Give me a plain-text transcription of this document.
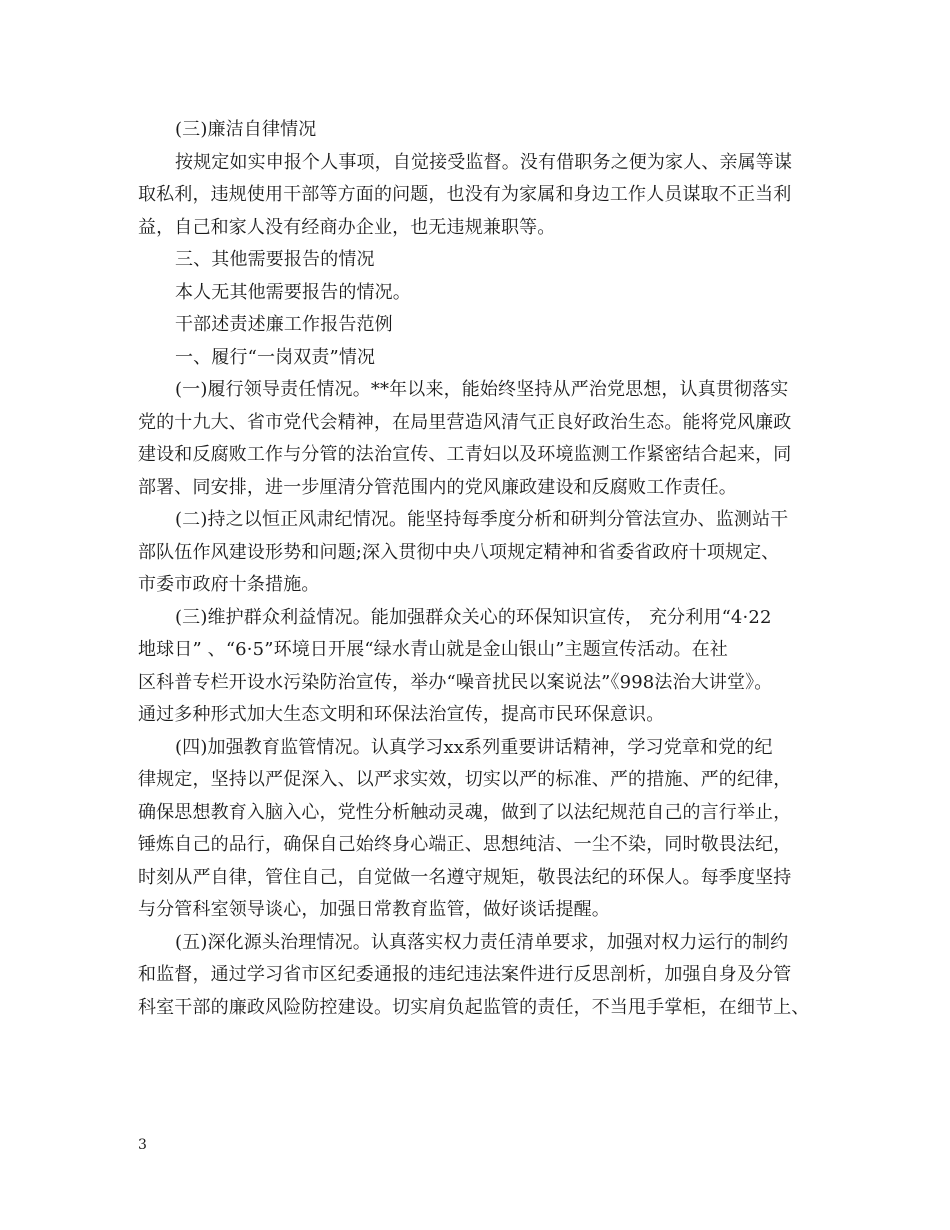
(三)廉洁自律情况
按规定如实申报个人事项，自觉接受监督。没有借职务之便为家人、亲属等谋
取私利，违规使用干部等方面的问题，也没有为家属和身边工作人员谋取不正当利
益，自己和家人没有经商办企业，也无违规兼职等。
三、其他需要报告的情况
本人无其他需要报告的情况。
干部述责述廉工作报告范例
一、履行“一岗双责”情况
(一)履行领导责任情况。**年以来，能始终坚持从严治党思想，认真贯彻落实
党的十九大、省市党代会精神，在局里营造风清气正良好政治生态。能将党风廉政
建设和反腐败工作与分管的法治宣传、工青妇以及环境监测工作紧密结合起来，同
部署、同安排，进一步厘清分管范围内的党风廉政建设和反腐败工作责任。
(二)持之以恒正风肃纪情况。能坚持每季度分析和研判分管法宣办、监测站干
部队伍作风建设形势和问题;深入贯彻中央八项规定精神和省委省政府十项规定、
市委市政府十条措施。
(三)维护群众利益情况。能加强群众关心的环保知识宣传， 充分利用“4·22
地球日” 、“6·5”环境日开展“绿水青山就是金山银山”主题宣传活动。在社
区科普专栏开设水污染防治宣传，举办“噪音扰民以案说法”《998法治大讲堂》。
通过多种形式加大生态文明和环保法治宣传，提高市民环保意识。
(四)加强教育监管情况。认真学习xx系列重要讲话精神，学习党章和党的纪
律规定，坚持以严促深入、以严求实效，切实以严的标准、严的措施、严的纪律，
确保思想教育入脑入心，党性分析触动灵魂，做到了以法纪规范自己的言行举止，
锤炼自己的品行，确保自己始终身心端正、思想纯洁、一尘不染，同时敬畏法纪，
时刻从严自律，管住自己，自觉做一名遵守规矩，敬畏法纪的环保人。每季度坚持
与分管科室领导谈心，加强日常教育监管，做好谈话提醒。
(五)深化源头治理情况。认真落实权力责任清单要求，加强对权力运行的制约
和监督，通过学习省市区纪委通报的违纪违法案件进行反思剖析，加强自身及分管
科室干部的廉政风险防控建设。切实肩负起监管的责任，不当甩手掌柜，在细节上、
3
